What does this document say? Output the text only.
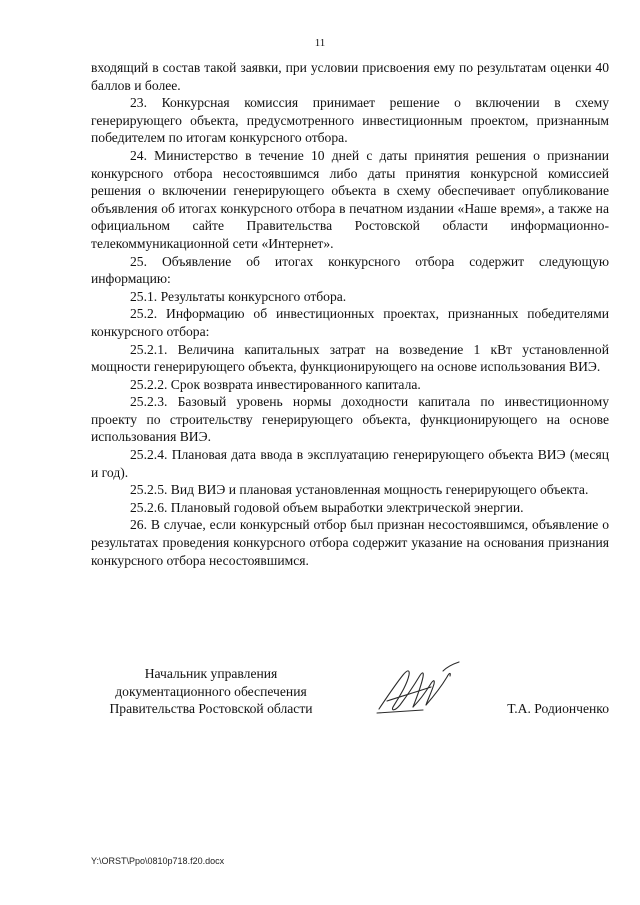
11

входящий в состав такой заявки, при условии присвоения ему по результатам оценки 40 баллов и более.

23. Конкурсная комиссия принимает решение о включении в схему генерирующего объекта, предусмотренного инвестиционным проектом, признанным победителем по итогам конкурсного отбора.

24. Министерство в течение 10 дней с даты принятия решения о признании конкурсного отбора несостоявшимся либо даты принятия конкурсной комиссией решения о включении генерирующего объекта в схему обеспечивает опубликование объявления об итогах конкурсного отбора в печатном издании «Наше время», а также на официальном сайте Правительства Ростовской области информационно-телекоммуникационной сети «Интернет».

25. Объявление об итогах конкурсного отбора содержит следующую информацию:

25.1. Результаты конкурсного отбора.

25.2. Информацию об инвестиционных проектах, признанных победителями конкурсного отбора:

25.2.1. Величина капитальных затрат на возведение 1 кВт установленной мощности генерирующего объекта, функционирующего на основе использования ВИЭ.

25.2.2. Срок возврата инвестированного капитала.

25.2.3. Базовый уровень нормы доходности капитала по инвестиционному проекту по строительству генерирующего объекта, функционирующего на основе использования ВИЭ.

25.2.4. Плановая дата ввода в эксплуатацию генерирующего объекта ВИЭ (месяц и год).

25.2.5. Вид ВИЭ и плановая установленная мощность генерирующего объекта.

25.2.6. Плановый годовой объем выработки электрической энергии.

26. В случае, если конкурсный отбор был признан несостоявшимся, объявление о результатах проведения конкурсного отбора содержит указание на основания признания конкурсного отбора несостоявшимся.

Начальник управления
документационного обеспечения
Правительства Ростовской области	Т.А. Родионченко
Y:\ORST\Ppo\0810p718.f20.docx
